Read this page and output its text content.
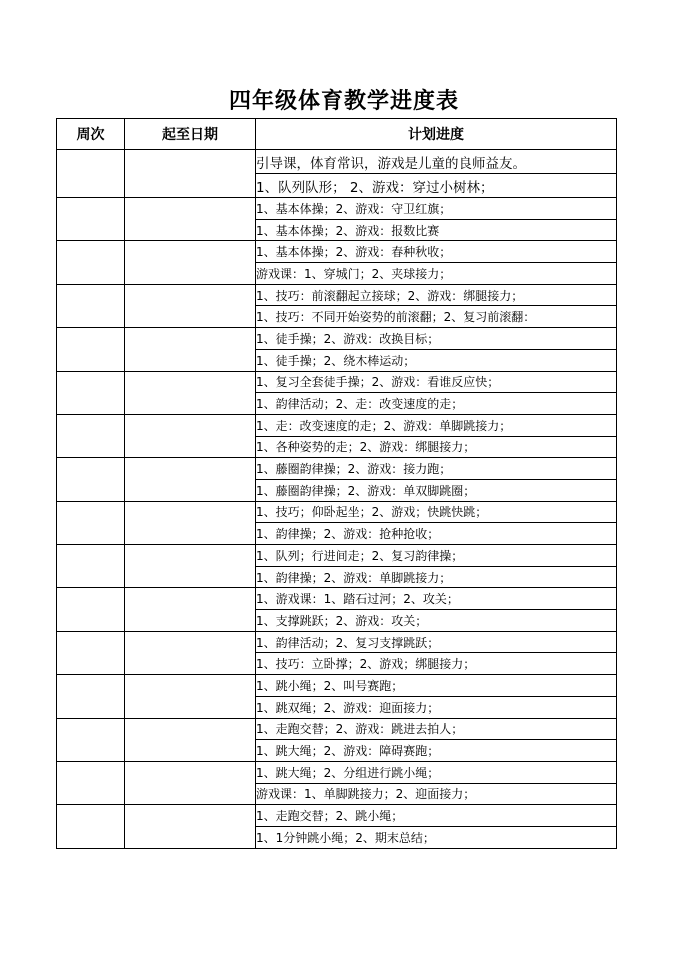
四年级体育教学进度表
周次	起至日期	计划进度
		引导课，体育常识，游戏是儿童的良师益友。
		1、队列队形； 2、游戏：穿过小树林；
		1、基本体操；2、游戏：守卫红旗；
		1、基本体操；2、游戏：报数比赛
		1、基本体操；2、游戏：春种秋收；
		游戏课：1、穿城门；2、夹球接力；
		1、技巧：前滚翻起立接球；2、游戏：绑腿接力；
		1、技巧：不同开始姿势的前滚翻；2、复习前滚翻：
		1、徒手操；2、游戏：改换目标；
		1、徒手操；2、绕木棒运动；
		1、复习全套徒手操；2、游戏：看谁反应快；
		1、韵律活动；2、走：改变速度的走；
		1、走：改变速度的走；2、游戏：单脚跳接力；
		1、各种姿势的走；2、游戏：绑腿接力；
		1、藤圈韵律操；2、游戏：接力跑；
		1、藤圈韵律操；2、游戏：单双脚跳圈；
		1、技巧；仰卧起坐；2、游戏；快跳快跳；
		1、韵律操；2、游戏：抢种抢收；
		1、队列；行进间走；2、复习韵律操；
		1、韵律操；2、游戏：单脚跳接力；
		1、游戏课：1、踏石过河；2、攻关；
		1、支撑跳跃；2、游戏：攻关；
		1、韵律活动；2、复习支撑跳跃；
		1、技巧：立卧撑；2、游戏；绑腿接力；
		1、跳小绳；2、叫号赛跑；
		1、跳双绳；2、游戏：迎面接力；
		1、走跑交替；2、游戏：跳进去拍人；
		1、跳大绳；2、游戏：障碍赛跑；
		1、跳大绳；2、分组进行跳小绳；
		游戏课：1、单脚跳接力；2、迎面接力；
		1、走跑交替；2、跳小绳；
		1、1分钟跳小绳；2、期末总结；
